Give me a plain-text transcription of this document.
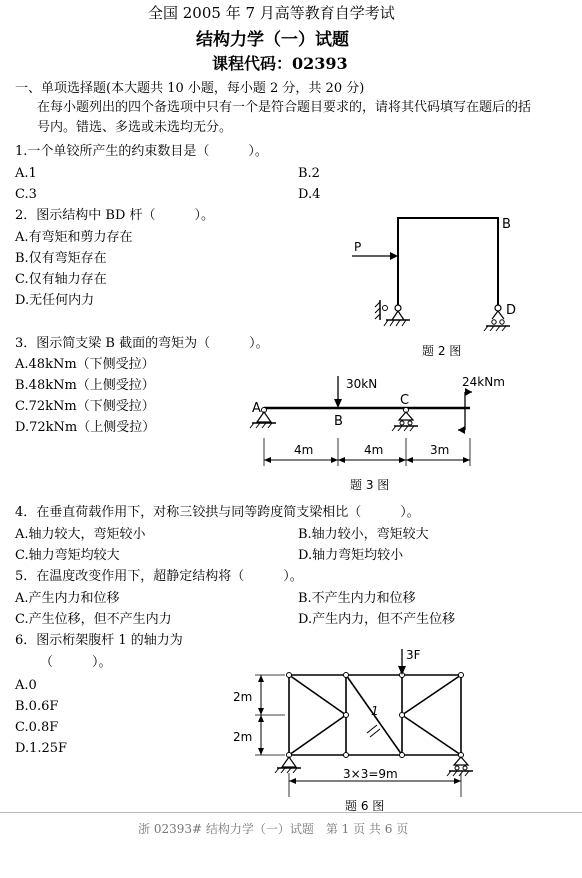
全国 2005 年 7 月高等教育自学考试
结构力学（一）试题
课程代码：02393
一、单项选择题(本大题共 10 小题，每小题 2 分，共 20 分)
在每小题列出的四个备选项中只有一个是符合题目要求的，请将其代码填写在题后的括
号内。错选、多选或未选均无分。
1.一个单铰所产生的约束数目是（　　　）。
A.1	B.2
C.3	D.4
2．图示结构中 BD 杆（　　　）。
A.有弯矩和剪力存在
B.仅有弯矩存在
C.仅有轴力存在
D.无任何内力
P
B
D
题 2 图
3．图示简支梁 B 截面的弯矩为（　　　）。
A.48kNm（下侧受拉）
B.48kNm（上侧受拉）
C.72kNm（下侧受拉）
D.72kNm（上侧受拉）
30kN	24kNm
A
B
C
4m	4m	3m
题 3 图
4．在垂直荷载作用下，对称三铰拱与同等跨度简支梁相比（　　　）。
A.轴力较大，弯矩较小	B.轴力较小，弯矩较大
C.轴力弯矩均较大	D.轴力弯矩均较小
5．在温度改变作用下，超静定结构将（　　　）。
A.产生内力和位移	B.不产生内力和位移
C.产生位移，但不产生内力	D.产生内力，但不产生位移
6．图示桁架腹杆 1 的轴力为
（　　　）。
A.0
B.0.6F
C.0.8F
D.1.25F
1
3F
2m
2m
3×3=9m
题 6 图
浙 02393# 结构力学（一）试题　第 1 页 共 6 页
